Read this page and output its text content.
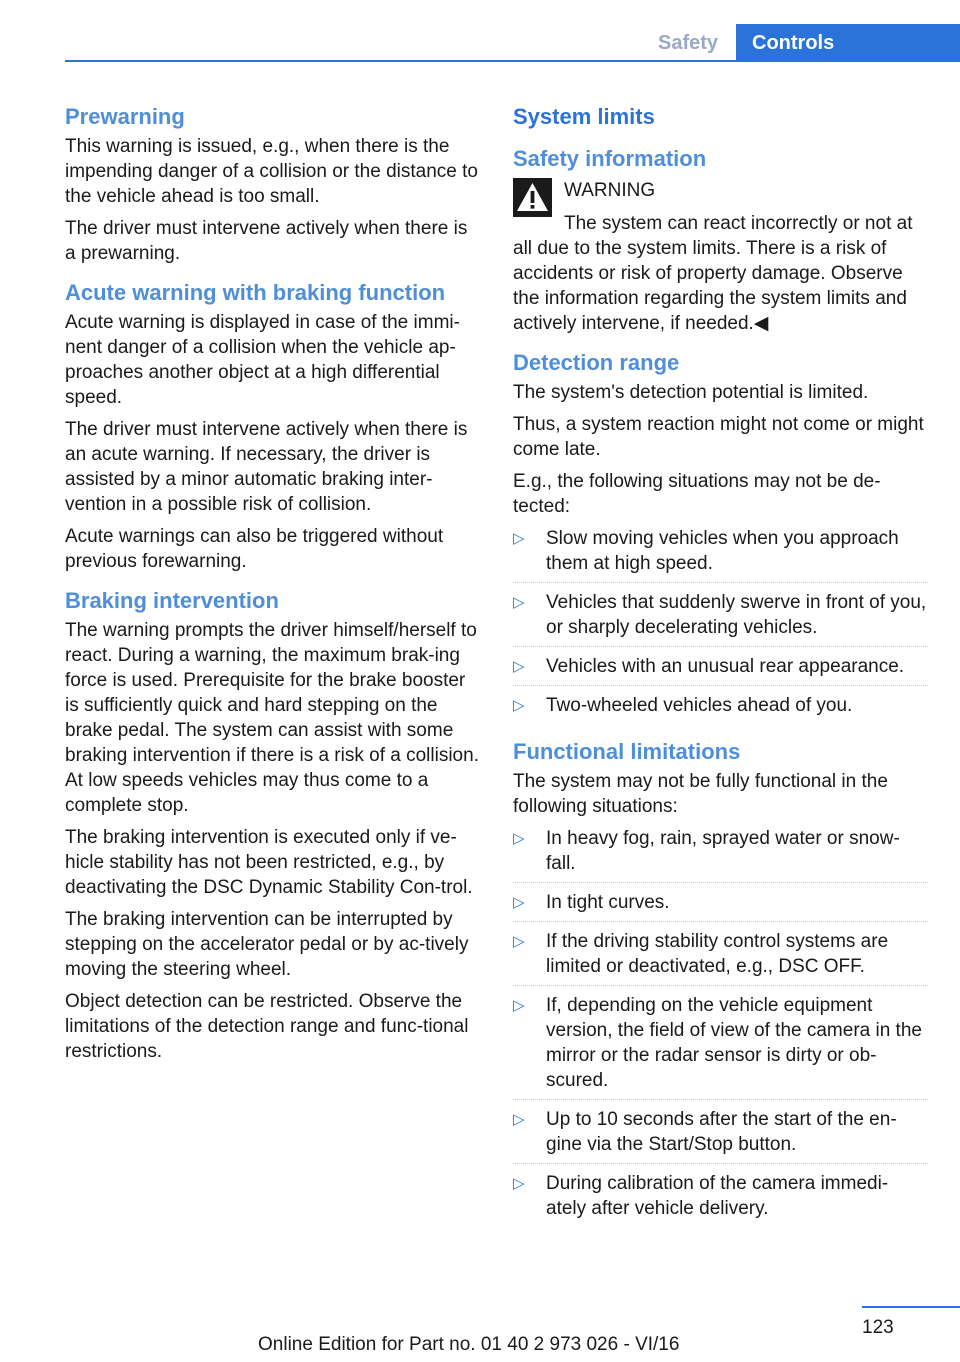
Safety	Controls
Prewarning

This warning is issued, e.g., when there is the impending danger of a collision or the distance to the vehicle ahead is too small.

The driver must intervene actively when there is a prewarning.

Acute warning with braking function

Acute warning is displayed in case of the immi‐nent danger of a collision when the vehicle ap‐proaches another object at a high differential speed.

The driver must intervene actively when there is an acute warning. If necessary, the driver is assisted by a minor automatic braking inter‐vention in a possible risk of collision.

Acute warnings can also be triggered without previous forewarning.

Braking intervention

The warning prompts the driver himself/herself to react. During a warning, the maximum brak‐ing force is used. Prerequisite for the brake booster is sufficiently quick and hard stepping on the brake pedal. The system can assist with some braking intervention if there is a risk of a collision. At low speeds vehicles may thus come to a complete stop.

The braking intervention is executed only if ve‐hicle stability has not been restricted, e.g., by deactivating the DSC Dynamic Stability Con‐trol.

The braking intervention can be interrupted by stepping on the accelerator pedal or by ac‐tively moving the steering wheel.

Object detection can be restricted. Observe the limitations of the detection range and func‐tional restrictions.

System limits
Safety information
WARNING
The system can react incorrectly or not at all due to the system limits. There is a risk of accidents or risk of property damage. Observe the information regarding the system limits and actively intervene, if needed.◀
Detection range

The system's detection potential is limited.

Thus, a system reaction might not come or might come late.

E.g., the following situations may not be de‐tected:

▷ Slow moving vehicles when you approach them at high speed.
▷ Vehicles that suddenly swerve in front of you, or sharply decelerating vehicles.
▷ Vehicles with an unusual rear appearance.
▷ Two-wheeled vehicles ahead of you.
Functional limitations

The system may not be fully functional in the following situations:

▷ In heavy fog, rain, sprayed water or snow‐fall.
▷ In tight curves.
▷ If the driving stability control systems are limited or deactivated, e.g., DSC OFF.
▷ If, depending on the vehicle equipment version, the field of view of the camera in the mirror or the radar sensor is dirty or ob‐scured.
▷ Up to 10 seconds after the start of the en‐gine via the Start/Stop button.
▷ During calibration of the camera immedi‐ately after vehicle delivery.
123
Online Edition for Part no. 01 40 2 973 026 - VI/16
